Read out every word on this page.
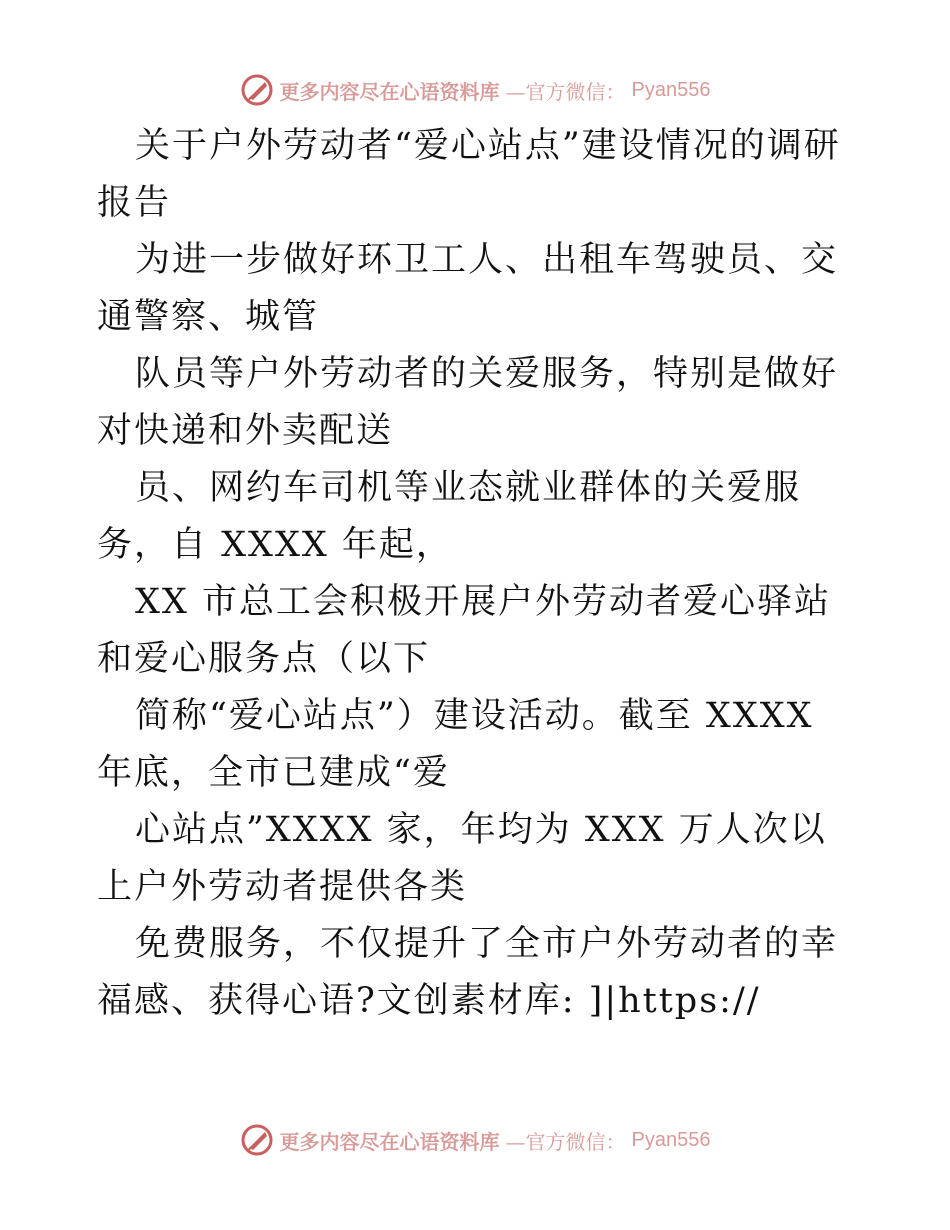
更多内容尽在心语资料库 —官方微信： Pyan556

关于户外劳动者“爱心站点”建设情况的调研报告

为进一步做好环卫工人、出租车驾驶员、交通警察、城管

队员等户外劳动者的关爱服务，特别是做好对快递和外卖配送

员、网约车司机等业态就业群体的关爱服务，自 XXXX 年起，

XX 市总工会积极开展户外劳动者爱心驿站和爱心服务点（以下

简称“爱心站点”）建设活动。截至 XXXX 年底，全市已建成“爱

心站点”XXXX 家，年均为 XXX 万人次以上户外劳动者提供各类

免费服务，不仅提升了全市户外劳动者的幸福感、获得心语?文创素材库: ]|https://

更多内容尽在心语资料库 —官方微信： Pyan556
